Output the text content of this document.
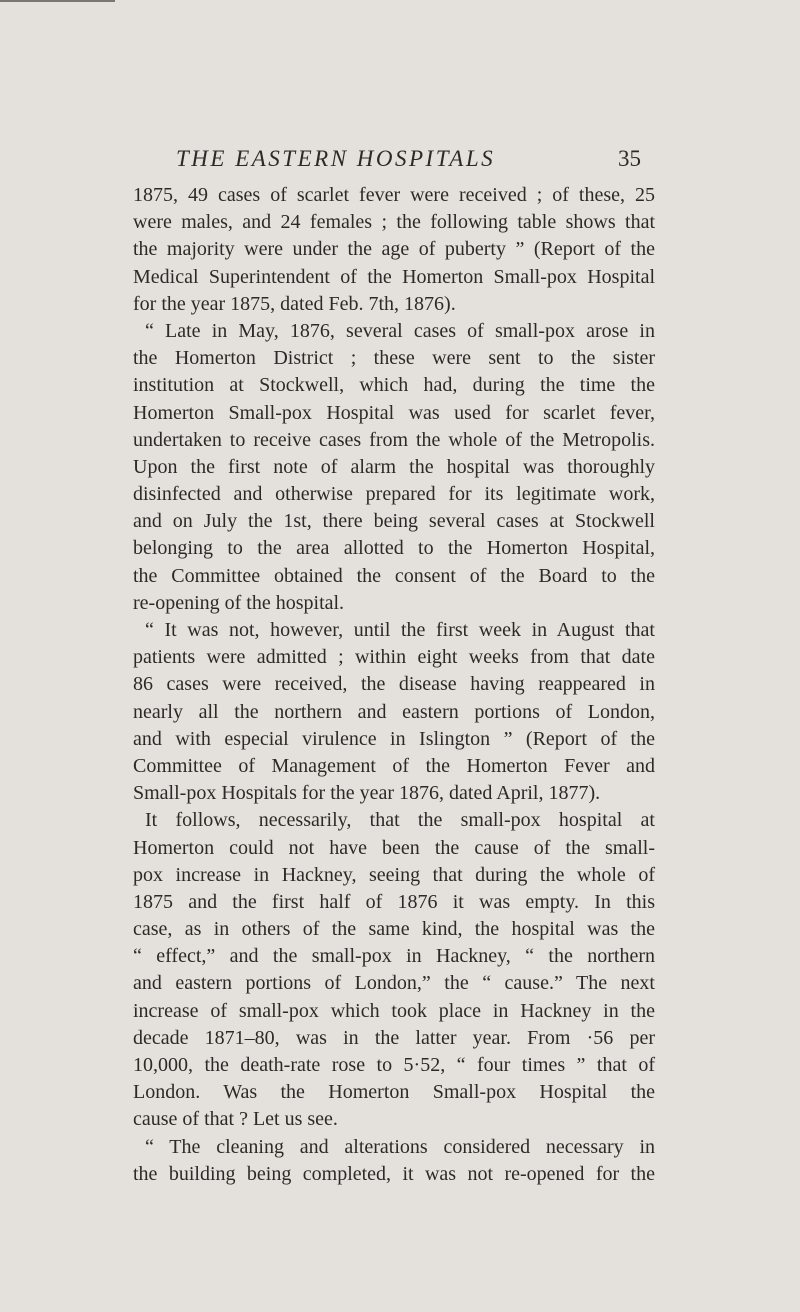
THE EASTERN HOSPITALS	35
1875, 49 cases of scarlet fever were received ; of these, 25
were males, and 24 females ; the following table shows that
the majority were under the age of puberty ” (Report of the
Medical Superintendent of the Homerton Small-pox Hospital
for the year 1875, dated Feb. 7th, 1876).
“ Late in May, 1876, several cases of small-pox arose in
the Homerton District ; these were sent to the sister
institution at Stockwell, which had, during the time the
Homerton Small-pox Hospital was used for scarlet fever,
undertaken to receive cases from the whole of the Metropolis.
Upon the first note of alarm the hospital was thoroughly
disinfected and otherwise prepared for its legitimate work,
and on July the 1st, there being several cases at Stockwell
belonging to the area allotted to the Homerton Hospital,
the Committee obtained the consent of the Board to the
re-opening of the hospital.
“ It was not, however, until the first week in August that
patients were admitted ; within eight weeks from that date
86 cases were received, the disease having reappeared in
nearly all the northern and eastern portions of London,
and with especial virulence in Islington ” (Report of the
Committee of Management of the Homerton Fever and
Small-pox Hospitals for the year 1876, dated April, 1877).
It follows, necessarily, that the small-pox hospital at
Homerton could not have been the cause of the small-
pox increase in Hackney, seeing that during the whole of
1875 and the first half of 1876 it was empty. In this
case, as in others of the same kind, the hospital was the
“ effect,” and the small-pox in Hackney, “ the northern
and eastern portions of London,” the “ cause.” The next
increase of small-pox which took place in Hackney in the
decade 1871–80, was in the latter year. From ·56 per
10,000, the death-rate rose to 5·52, “ four times ” that of
London. Was the Homerton Small-pox Hospital the
cause of that ? Let us see.
“ The cleaning and alterations considered necessary in
the building being completed, it was not re-opened for the
